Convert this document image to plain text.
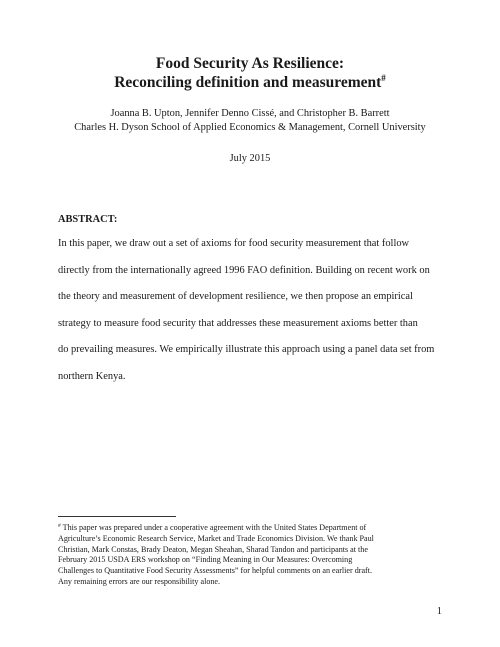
Food Security As Resilience:
Reconciling definition and measurement#
Joanna B. Upton, Jennifer Denno Cissé, and Christopher B. Barrett
Charles H. Dyson School of Applied Economics & Management, Cornell University
July 2015
ABSTRACT:
In this paper, we draw out a set of axioms for food security measurement that follow
directly from the internationally agreed 1996 FAO definition. Building on recent work on
the theory and measurement of development resilience, we then propose an empirical
strategy to measure food security that addresses these measurement axioms better than
do prevailing measures. We empirically illustrate this approach using a panel data set from
northern Kenya.
# This paper was prepared under a cooperative agreement with the United States Department of
Agriculture’s Economic Research Service, Market and Trade Economics Division. We thank Paul
Christian, Mark Constas, Brady Deaton, Megan Sheahan, Sharad Tandon and participants at the
February 2015 USDA ERS workshop on “Finding Meaning in Our Measures: Overcoming
Challenges to Quantitative Food Security Assessments” for helpful comments on an earlier draft.
Any remaining errors are our responsibility alone.
1
